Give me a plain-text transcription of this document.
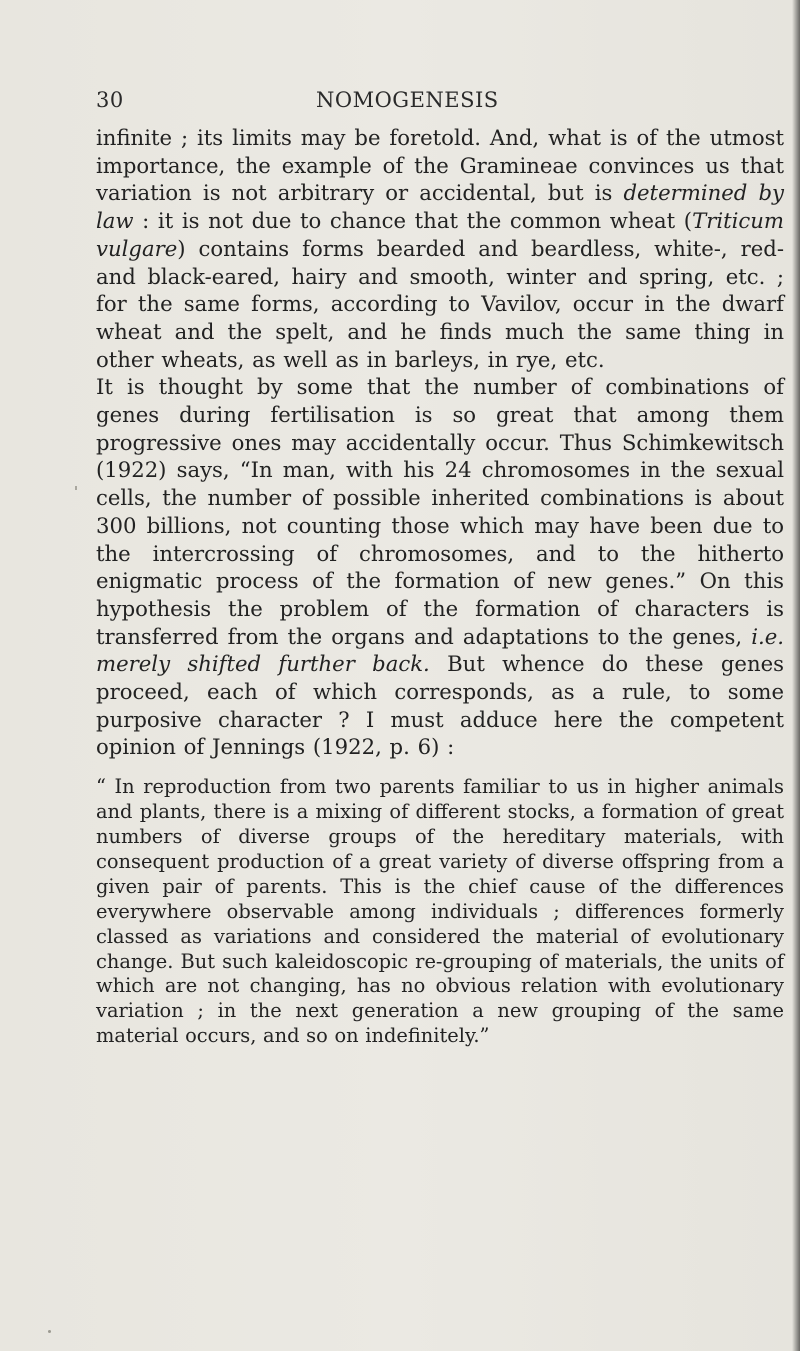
30	NOMOGENESIS

infinite ; its limits may be foretold. And, what is of the utmost importance, the example of the Gramineae convinces us that variation is not arbitrary or accidental, but is determined by law : it is not due to chance that the common wheat (Triticum vulgare) contains forms bearded and beardless, white-, red- and black-eared, hairy and smooth, winter and spring, etc. ; for the same forms, according to Vavilov, occur in the dwarf wheat and the spelt, and he finds much the same thing in other wheats, as well as in barleys, in rye, etc.

It is thought by some that the number of combinations of genes during fertilisation is so great that among them progressive ones may accidentally occur. Thus Schimkewitsch (1922) says, “In man, with his 24 chromosomes in the sexual cells, the number of possible inherited combinations is about 300 billions, not counting those which may have been due to the intercrossing of chromosomes, and to the hitherto enigmatic process of the formation of new genes.” On this hypothesis the problem of the formation of characters is transferred from the organs and adaptations to the genes, i.e. merely shifted further back. But whence do these genes proceed, each of which corresponds, as a rule, to some purposive character ? I must adduce here the competent opinion of Jennings (1922, p. 6) :

“ In reproduction from two parents familiar to us in higher animals and plants, there is a mixing of different stocks, a formation of great numbers of diverse groups of the hereditary materials, with consequent production of a great variety of diverse offspring from a given pair of parents. This is the chief cause of the differences everywhere observable among individuals ; differences formerly classed as variations and considered the material of evolutionary change. But such kaleidoscopic re-grouping of materials, the units of which are not changing, has no obvious relation with evolutionary variation ; in the next generation a new grouping of the same material occurs, and so on indefinitely.”
